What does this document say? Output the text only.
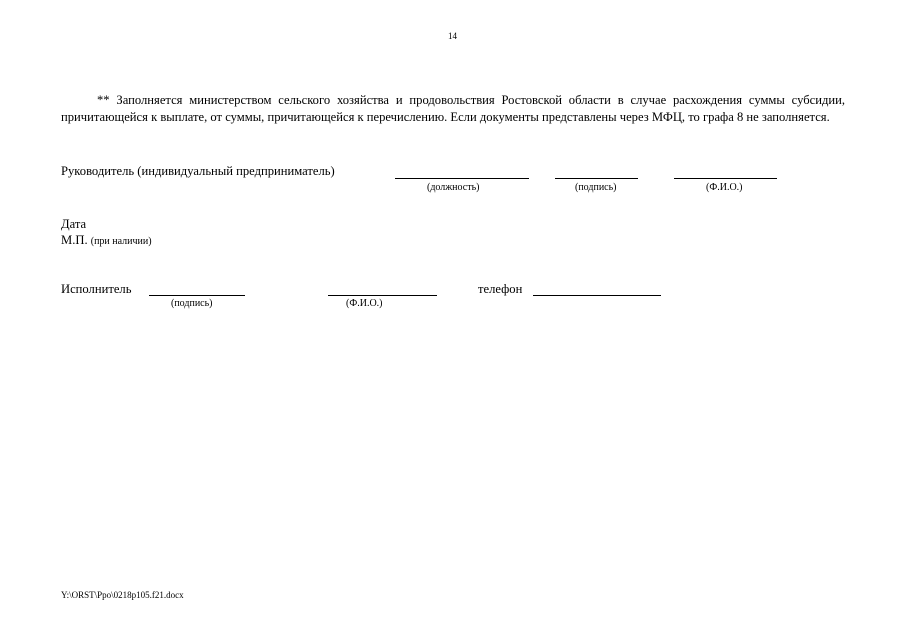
14
** Заполняется министерством сельского хозяйства и продовольствия Ростовской области в случае расхождения суммы субсидии, причитающейся к выплате, от суммы, причитающейся к перечислению. Если документы представлены через МФЦ, то графа 8 не заполняется.
Руководитель (индивидуальный предприниматель)
(должность)	(подпись)	(Ф.И.О.)
Дата
М.П. (при наличии)
Исполнитель	телефон
(подпись)	(Ф.И.О.)
Y:\ORST\Ppo\0218p105.f21.docx
